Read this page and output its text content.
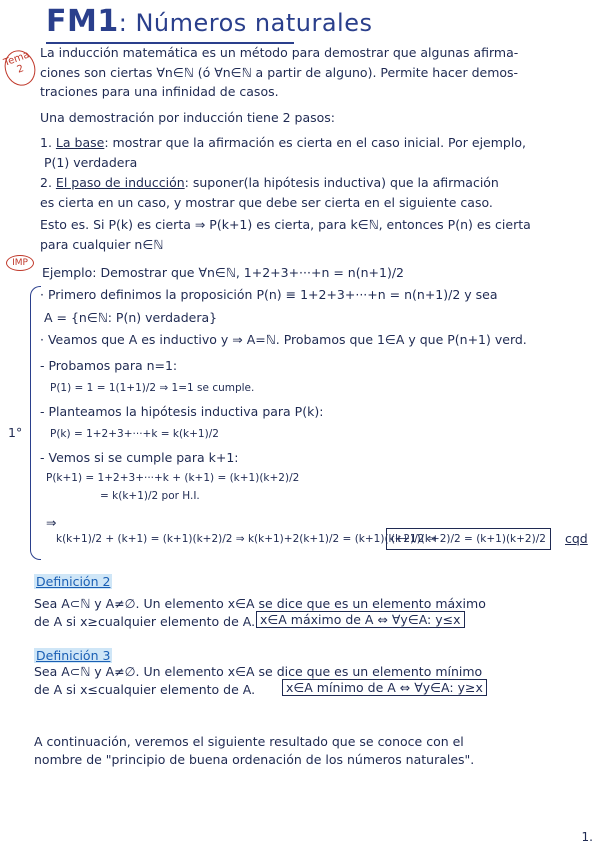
FM1: Números naturales
Tema 2
IMP
La inducción matemática es un método para demostrar que algunas afirma-
ciones son ciertas ∀n∈ℕ (ó ∀n∈ℕ a partir de alguno). Permite hacer demos-
traciones para una infinidad de casos.
Una demostración por inducción tiene 2 pasos:
1. La base: mostrar que la afirmación es cierta en el caso inicial. Por ejemplo,
P(1) verdadera
2. El paso de inducción: suponer(la hipótesis inductiva) que la afirmación
es cierta en un caso, y mostrar que debe ser cierta en el siguiente caso.
Esto es. Si P(k) es cierta ⇒ P(k+1) es cierta, para k∈ℕ, entonces P(n) es cierta
para cualquier n∈ℕ
1°
Ejemplo: Demostrar que ∀n∈ℕ, 1+2+3+···+n = n(n+1)/2
· Primero definimos la proposición P(n) ≡ 1+2+3+···+n = n(n+1)/2 y sea
A = {n∈ℕ: P(n) verdadera}
· Veamos que A es inductivo y ⇒ A=ℕ. Probamos que 1∈A y que P(n+1) verd.
- Probamos para n=1:
P(1) = 1 = 1(1+1)/2 ⇒ 1=1 se cumple.
- Planteamos la hipótesis inductiva para P(k):
P(k) = 1+2+3+···+k = k(k+1)/2
- Vemos si se cumple para k+1:
P(k+1) = 1+2+3+···+k + (k+1) = (k+1)(k+2)/2
= k(k+1)/2 por H.I.
⇒
k(k+1)/2 + (k+1) = (k+1)(k+2)/2 ⇒ k(k+1)+2(k+1)/2 = (k+1)(k+2)/2 ⇒
(k+1)(k+2)/2 = (k+1)(k+2)/2	cqd
Definición 2
Sea A⊂ℕ y A≠∅. Un elemento x∈A se dice que es un elemento máximo
de A si x≥cualquier elemento de A. x∈A máximo de A ⇔ ∀y∈A: y≤x
Definición 3
Sea A⊂ℕ y A≠∅. Un elemento x∈A se dice que es un elemento mínimo
de A si x≤cualquier elemento de A.	x∈A mínimo de A ⇔ ∀y∈A: y≥x
A continuación, veremos el siguiente resultado que se conoce con el
nombre de "principio de buena ordenación de los números naturales".
1.
